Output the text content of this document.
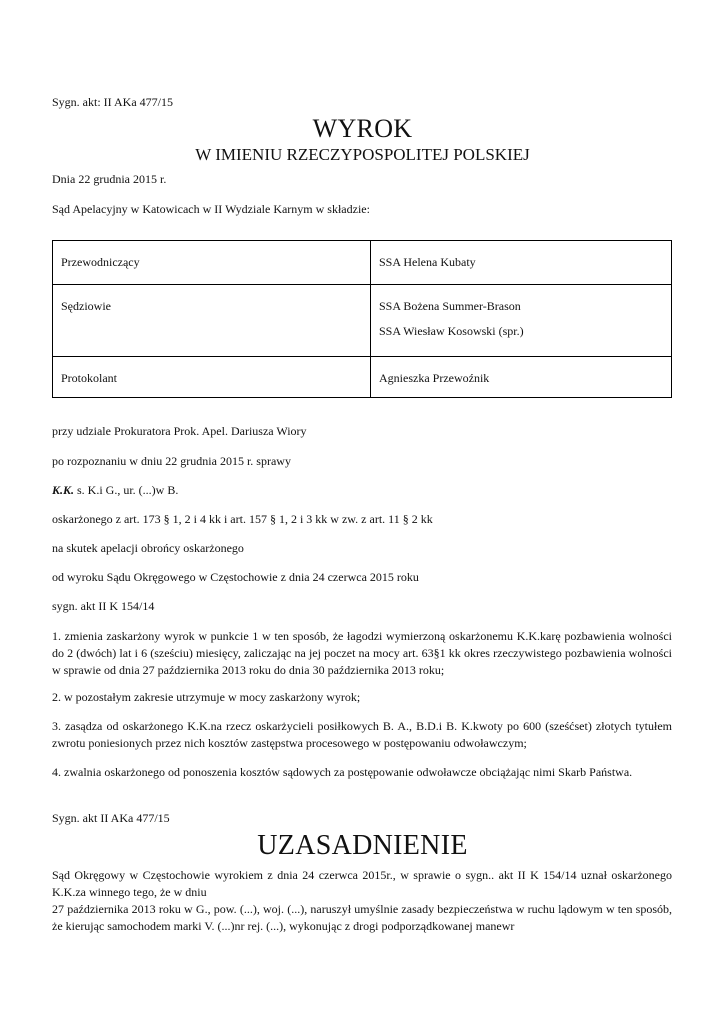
Sygn. akt: II AKa 477/15
WYROK
W IMIENIU RZECZYPOSPOLITEJ POLSKIEJ
Dnia 22 grudnia 2015 r.
Sąd Apelacyjny w Katowicach w II Wydziale Karnym w składzie:
Przewodniczący	SSA Helena Kubaty

Sędziowie	SSA Bożena Summer-Brason
SSA Wiesław Kosowski (spr.)

Protokolant	Agnieszka Przewoźnik
przy udziale Prokuratora Prok. Apel. Dariusza Wiory
po rozpoznaniu w dniu 22 grudnia 2015 r. sprawy
K.K. s. K.i G., ur. (...)w B.
oskarżonego z art. 173 § 1, 2 i 4 kk i art. 157 § 1, 2 i 3 kk w zw. z art. 11 § 2 kk
na skutek apelacji obrońcy oskarżonego
od wyroku Sądu Okręgowego w Częstochowie z dnia 24 czerwca 2015 roku
sygn. akt II K 154/14
1. zmienia zaskarżony wyrok w punkcie 1 w ten sposób, że łagodzi wymierzoną oskarżonemu K.K.karę pozbawienia wolności do 2 (dwóch) lat i 6 (sześciu) miesięcy, zaliczając na jej poczet na mocy art. 63§1 kk okres rzeczywistego pozbawienia wolności w sprawie od dnia 27 października 2013 roku do dnia 30 października 2013 roku;
2. w pozostałym zakresie utrzymuje w mocy zaskarżony wyrok;
3. zasądza od oskarżonego K.K.na rzecz oskarżycieli posiłkowych B. A., B.D.i B. K.kwoty po 600 (sześćset) złotych tytułem zwrotu poniesionych przez nich kosztów zastępstwa procesowego w postępowaniu odwoławczym;
4. zwalnia oskarżonego od ponoszenia kosztów sądowych za postępowanie odwoławcze obciążając nimi Skarb Państwa.
Sygn. akt II AKa 477/15
UZASADNIENIE
Sąd Okręgowy w Częstochowie wyrokiem z dnia 24 czerwca 2015r., w sprawie o sygn.. akt II K 154/14 uznał oskarżonego K.K.za winnego tego, że w dniu
27 października 2013 roku w G., pow. (...), woj. (...), naruszył umyślnie zasady bezpieczeństwa w ruchu lądowym w ten sposób, że kierując samochodem marki V. (...)nr rej. (...), wykonując z drogi podporządkowanej manewr
